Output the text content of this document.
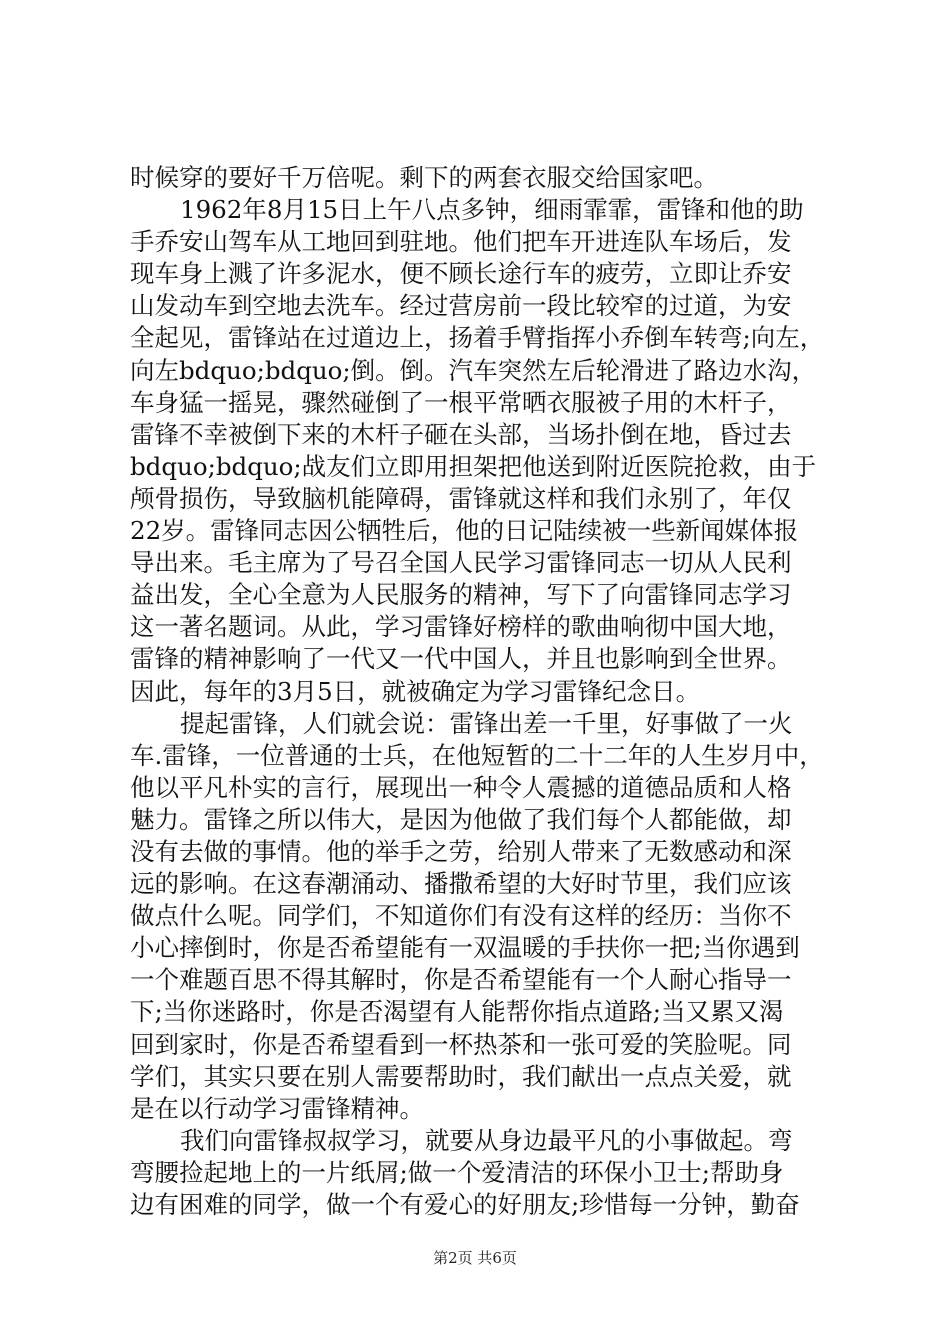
时候穿的要好千万倍呢。剩下的两套衣服交给国家吧。
1962年8月15日上午八点多钟，细雨霏霏，雷锋和他的助
手乔安山驾车从工地回到驻地。他们把车开进连队车场后，发
现车身上溅了许多泥水，便不顾长途行车的疲劳，立即让乔安
山发动车到空地去洗车。经过营房前一段比较窄的过道，为安
全起见，雷锋站在过道边上，扬着手臂指挥小乔倒车转弯;向左，
向左bdquo;bdquo;倒。倒。汽车突然左后轮滑进了路边水沟，
车身猛一摇晃，骤然碰倒了一根平常晒衣服被子用的木杆子，
雷锋不幸被倒下来的木杆子砸在头部，当场扑倒在地，昏过去
bdquo;bdquo;战友们立即用担架把他送到附近医院抢救，由于
颅骨损伤，导致脑机能障碍，雷锋就这样和我们永别了，年仅
22岁。雷锋同志因公牺牲后，他的日记陆续被一些新闻媒体报
导出来。毛主席为了号召全国人民学习雷锋同志一切从人民利
益出发，全心全意为人民服务的精神，写下了向雷锋同志学习
这一著名题词。从此，学习雷锋好榜样的歌曲响彻中国大地，
雷锋的精神影响了一代又一代中国人，并且也影响到全世界。
因此，每年的3月5日，就被确定为学习雷锋纪念日。
提起雷锋，人们就会说：雷锋出差一千里，好事做了一火
车.雷锋，一位普通的士兵，在他短暂的二十二年的人生岁月中，
他以平凡朴实的言行，展现出一种令人震撼的道德品质和人格
魅力。雷锋之所以伟大，是因为他做了我们每个人都能做，却
没有去做的事情。他的举手之劳，给别人带来了无数感动和深
远的影响。在这春潮涌动、播撒希望的大好时节里，我们应该
做点什么呢。同学们，不知道你们有没有这样的经历：当你不
小心摔倒时，你是否希望能有一双温暖的手扶你一把;当你遇到
一个难题百思不得其解时，你是否希望能有一个人耐心指导一
下;当你迷路时，你是否渴望有人能帮你指点道路;当又累又渴
回到家时，你是否希望看到一杯热茶和一张可爱的笑脸呢。同
学们，其实只要在别人需要帮助时，我们献出一点点关爱，就
是在以行动学习雷锋精神。
我们向雷锋叔叔学习，就要从身边最平凡的小事做起。弯
弯腰捡起地上的一片纸屑;做一个爱清洁的环保小卫士;帮助身
边有困难的同学，做一个有爱心的好朋友;珍惜每一分钟，勤奋
第2页 共6页
